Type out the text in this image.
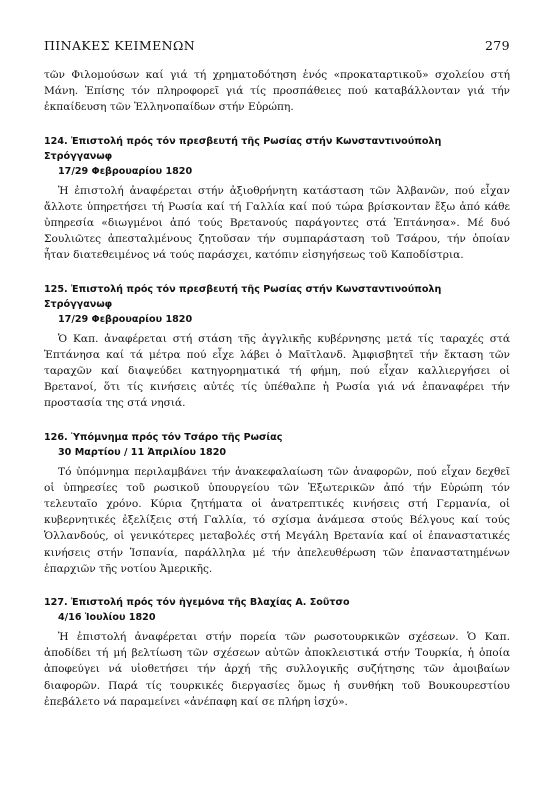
ΠΙΝΑΚΕΣ ΚΕΙΜΕΝΩΝ	279

τῶν Φιλομούσων καί γιά τή χρηματοδότηση ἑνός «προκαταρτικοῦ» σχολείου στή Μάνη. Ἐπίσης τόν πληροφορεῖ γιά τίς προσπάθειες πού καταβάλλονταν γιά τήν ἐκπαίδευση τῶν Ἑλληνοπαίδων στήν Εὐρώπη.

124. Ἐπιστολή πρός τόν πρεσβευτή τῆς Ρωσίας στήν Κωνσταντινούπολη Στρόγγανωφ

17/29 Φεβρουαρίου 1820

Ἡ ἐπιστολή ἀναφέρεται στήν ἀξιοθρήνητη κατάσταση τῶν Ἀλβανῶν, πού εἶχαν ἄλλοτε ὑπηρετήσει τή Ρωσία καί τή Γαλλία καί πού τώρα βρίσκονταν ἔξω ἀπό κάθε ὑπηρεσία «διωγμένοι ἀπό τούς Βρετανούς παράγοντες στά Ἑπτάνησα». Μέ δυό Σουλιῶτες ἀπεσταλμένους ζητοῦσαν τήν συμπαράσταση τοῦ Τσάρου, τήν ὁποίαν ἦταν διατεθειμένος νά τούς παράσχει, κατόπιν εἰσηγήσεως τοῦ Καποδίστρια.

125. Ἐπιστολή πρός τόν πρεσβευτή τῆς Ρωσίας στήν Κωνσταντινούπολη Στρόγγανωφ

17/29 Φεβρουαρίου 1820

Ὁ Καπ. ἀναφέρεται στή στάση τῆς ἀγγλικῆς κυβέρνησης μετά τίς ταραχές στά Ἑπτάνησα καί τά μέτρα πού εἶχε λάβει ὁ Μαῖτλανδ. Ἀμφισβητεῖ τήν ἔκταση τῶν ταραχῶν καί διαψεύδει κατηγορηματικά τή φήμη, πού εἶχαν καλλιεργήσει οἱ Βρετανοί, ὅτι τίς κινήσεις αὐτές τίς ὑπέθαλπε ἡ Ρωσία γιά νά ἐπαναφέρει τήν προστασία της στά νησιά.

126. Ὑπόμνημα πρός τόν Τσάρο τῆς Ρωσίας

30 Μαρτίου / 11 Ἀπριλίου 1820

Τό ὑπόμνημα περιλαμβάνει τήν ἀνακεφαλαίωση τῶν ἀναφορῶν, πού εἶχαν δεχθεῖ οἱ ὑπηρεσίες τοῦ ρωσικοῦ ὑπουργείου τῶν Ἐξωτερικῶν ἀπό τήν Εὐρώπη τόν τελευταῖο χρόνο. Κύρια ζητήματα οἱ ἀνατρεπτικές κινήσεις στή Γερμανία, οἱ κυβερνητικές ἐξελίξεις στή Γαλλία, τό σχίσμα ἀνάμεσα στούς Βέλγους καί τούς Ὁλλανδούς, οἱ γενικότερες μεταβολές στή Μεγάλη Βρετανία καί οἱ ἐπαναστατικές κινήσεις στήν Ἱσπανία, παράλληλα μέ τήν ἀπελευθέρωση τῶν ἐπαναστατημένων ἐπαρχιῶν τῆς νοτίου Ἀμερικῆς.

127. Ἐπιστολή πρός τόν ἡγεμόνα τῆς Βλαχίας Α. Σοῦτσο

4/16 Ἰουλίου 1820

Ἡ ἐπιστολή ἀναφέρεται στήν πορεία τῶν ρωσοτουρκικῶν σχέσεων. Ὁ Καπ. ἀποδίδει τή μή βελτίωση τῶν σχέσεων αὐτῶν ἀποκλειστικά στήν Τουρκία, ἡ ὁποία ἀποφεύγει νά υἱοθετήσει τήν ἀρχή τῆς συλλογικῆς συζήτησης τῶν ἀμοιβαίων διαφορῶν. Παρά τίς τουρκικές διεργασίες ὅμως ἡ συνθήκη τοῦ Βουκουρεστίου ἐπεβάλετο νά παραμείνει «ἀνέπαφη καί σε πλήρη ἰσχύ».
